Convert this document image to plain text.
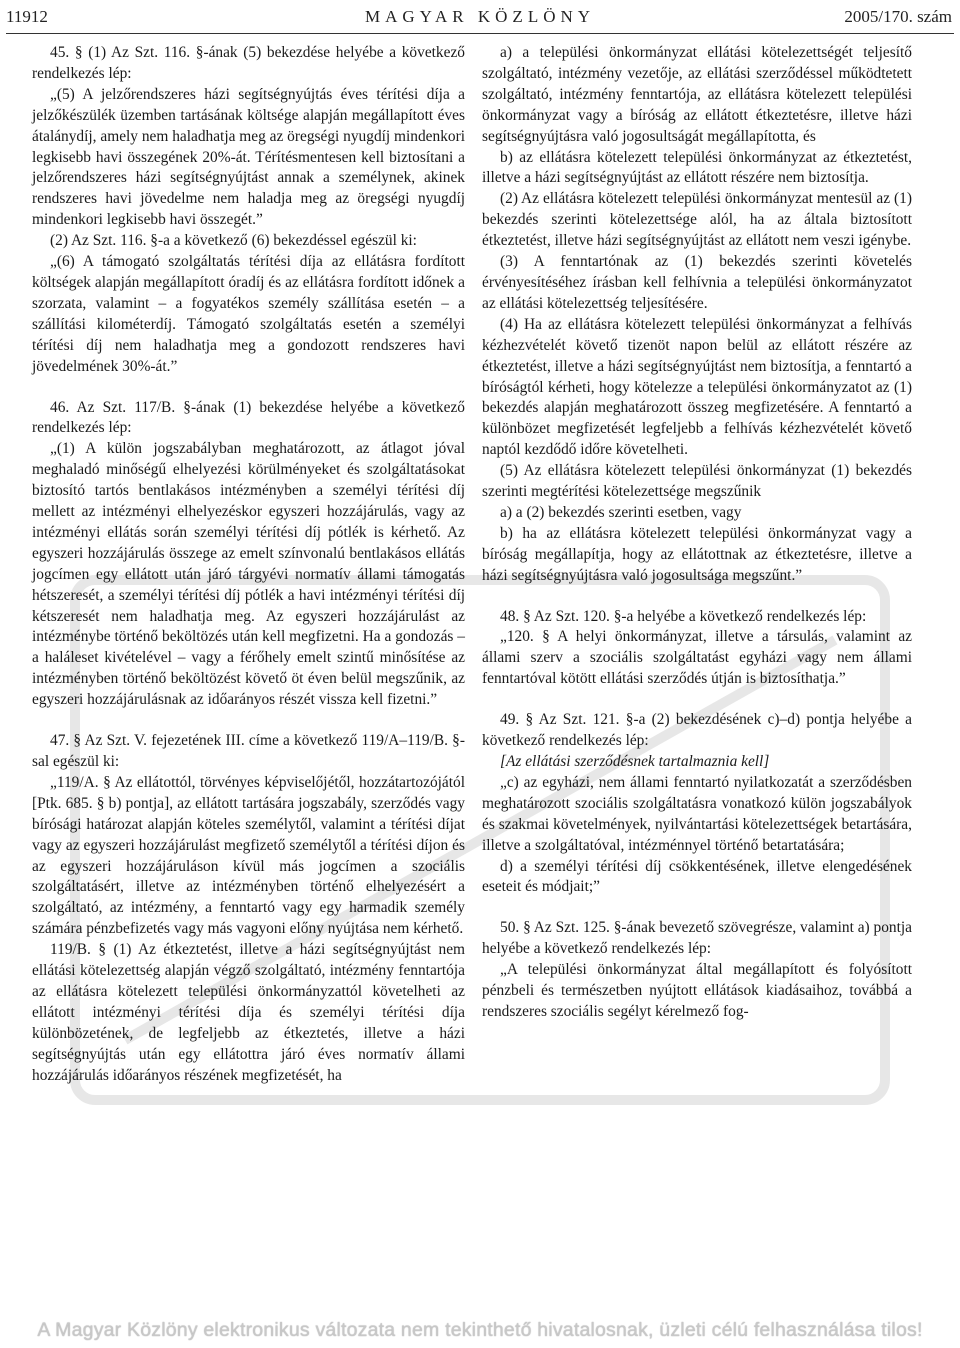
11912	MAGYAR KÖZLÖNY	2005/170. szám

45. § (1) Az Szt. 116. §-ának (5) bekezdése helyébe a következő rendelkezés lép:

„(5) A jelzőrendszeres házi segítségnyújtás éves térítési díja a jelzőkészülék üzemben tartásának költsége alapján megállapított éves átalánydíj, amely nem haladhatja meg az öregségi nyugdíj mindenkori legkisebb havi összegének 20%-át. Térítésmentesen kell biztosítani a jelzőrendszeres házi segítségnyújtást annak a személynek, akinek rendszeres havi jövedelme nem haladja meg az öregségi nyugdíj mindenkori legkisebb havi összegét.”

(2) Az Szt. 116. §-a a következő (6) bekezdéssel egészül ki:

„(6) A támogató szolgáltatás térítési díja az ellátásra fordított költségek alapján megállapított óradíj és az ellátásra fordított időnek a szorzata, valamint – a fogyatékos személy szállítása esetén – a szállítási kilométerdíj. Támogató szolgáltatás esetén a személyi térítési díj nem haladhatja meg a gondozott rendszeres havi jövedelmének 30%-át.”

46. Az Szt. 117/B. §-ának (1) bekezdése helyébe a következő rendelkezés lép:

„(1) A külön jogszabályban meghatározott, az átlagot jóval meghaladó minőségű elhelyezési körülményeket és szolgáltatásokat biztosító tartós bentlakásos intézményben a személyi térítési díj mellett az intézményi elhelyezéskor egyszeri hozzájárulás, vagy az intézményi ellátás során személyi térítési díj pótlék is kérhető. Az egyszeri hozzájárulás összege az emelt színvonalú bentlakásos ellátás jogcímen egy ellátott után járó tárgyévi normatív állami támogatás hétszeresét, a személyi térítési díj pótlék a havi intézményi térítési díj kétszeresét nem haladhatja meg. Az egyszeri hozzájárulást az intézménybe történő beköltözés után kell megfizetni. Ha a gondozás – a haláleset kivételével – vagy a férőhely emelt szintű minősítése az intézményben történő beköltözést követő öt éven belül megszűnik, az egyszeri hozzájárulásnak az időarányos részét vissza kell fizetni.”

47. § Az Szt. V. fejezetének III. címe a következő 119/A–119/B. §-sal egészül ki:

„119/A. § Az ellátottól, törvényes képviselőjétől, hozzátartozójától [Ptk. 685. § b) pontja], az ellátott tartására jogszabály, szerződés vagy bírósági határozat alapján köteles személytől, valamint a térítési díjat vagy az egyszeri hozzájárulást megfizető személytől a térítési díjon és az egyszeri hozzájáruláson kívül más jogcímen a szociális szolgáltatásért, illetve az intézményben történő elhelyezésért a szolgáltató, az intézmény, a fenntartó vagy egy harmadik személy számára pénzbefizetés vagy más vagyoni előny nyújtása nem kérhető.

119/B. § (1) Az étkeztetést, illetve a házi segítségnyújtást nem ellátási kötelezettség alapján végző szolgáltató, intézmény fenntartója az ellátásra kötelezett települési önkormányzattól követelheti az ellátott intézményi térítési díja és személyi térítési díja különbözetének, de legfeljebb az étkeztetés, illetve a házi segítségnyújtás után egy ellátottra járó éves normatív állami hozzájárulás időarányos részének megfizetését, ha

a) a települési önkormányzat ellátási kötelezettségét teljesítő szolgáltató, intézmény vezetője, az ellátási szerződéssel működtetett szolgáltató, intézmény fenntartója, az ellátásra kötelezett települési önkormányzat vagy a bíróság az ellátott étkeztetésre, illetve házi segítségnyújtásra való jogosultságát megállapította, és

b) az ellátásra kötelezett települési önkormányzat az étkeztetést, illetve a házi segítségnyújtást az ellátott részére nem biztosítja.

(2) Az ellátásra kötelezett települési önkormányzat mentesül az (1) bekezdés szerinti kötelezettsége alól, ha az általa biztosított étkeztetést, illetve házi segítségnyújtást az ellátott nem veszi igénybe.

(3) A fenntartónak az (1) bekezdés szerinti követelés érvényesítéséhez írásban kell felhívnia a települési önkormányzatot az ellátási kötelezettség teljesítésére.

(4) Ha az ellátásra kötelezett települési önkormányzat a felhívás kézhezvételét követő tizenöt napon belül az ellátott részére az étkeztetést, illetve a házi segítségnyújtást nem biztosítja, a fenntartó a bíróságtól kérheti, hogy kötelezze a települési önkormányzatot az (1) bekezdés alapján meghatározott összeg megfizetésére. A fenntartó a különbözet megfizetését legfeljebb a felhívás kézhezvételét követő naptól kezdődő időre követelheti.

(5) Az ellátásra kötelezett települési önkormányzat (1) bekezdés szerinti megtérítési kötelezettsége megszűnik

a) a (2) bekezdés szerinti esetben, vagy

b) ha az ellátásra kötelezett települési önkormányzat vagy a bíróság megállapítja, hogy az ellátottnak az étkeztetésre, illetve a házi segítségnyújtásra való jogosultsága megszűnt.”

48. § Az Szt. 120. §-a helyébe a következő rendelkezés lép:

„120. § A helyi önkormányzat, illetve a társulás, valamint az állami szerv a szociális szolgáltatást egyházi vagy nem állami fenntartóval kötött ellátási szerződés útján is biztosíthatja.”

49. § Az Szt. 121. §-a (2) bekezdésének c)–d) pontja helyébe a következő rendelkezés lép:

[Az ellátási szerződésnek tartalmaznia kell]

„c) az egyházi, nem állami fenntartó nyilatkozatát a szerződésben meghatározott szociális szolgáltatásra vonatkozó külön jogszabályok és szakmai követelmények, nyilvántartási kötelezettségek betartására, illetve a szolgáltatóval, intézménnyel történő betartatására;

d) a személyi térítési díj csökkentésének, illetve elengedésének eseteit és módjait;”

50. § Az Szt. 125. §-ának bevezető szövegrésze, valamint a) pontja helyébe a következő rendelkezés lép:

„A települési önkormányzat által megállapított és folyósított pénzbeli és természetben nyújtott ellátások kiadásaihoz, továbbá a rendszeres szociális segélyt kérelmező fog-

A Magyar Közlöny elektronikus változata nem tekinthető hivatalosnak, üzleti célú felhasználása tilos!
